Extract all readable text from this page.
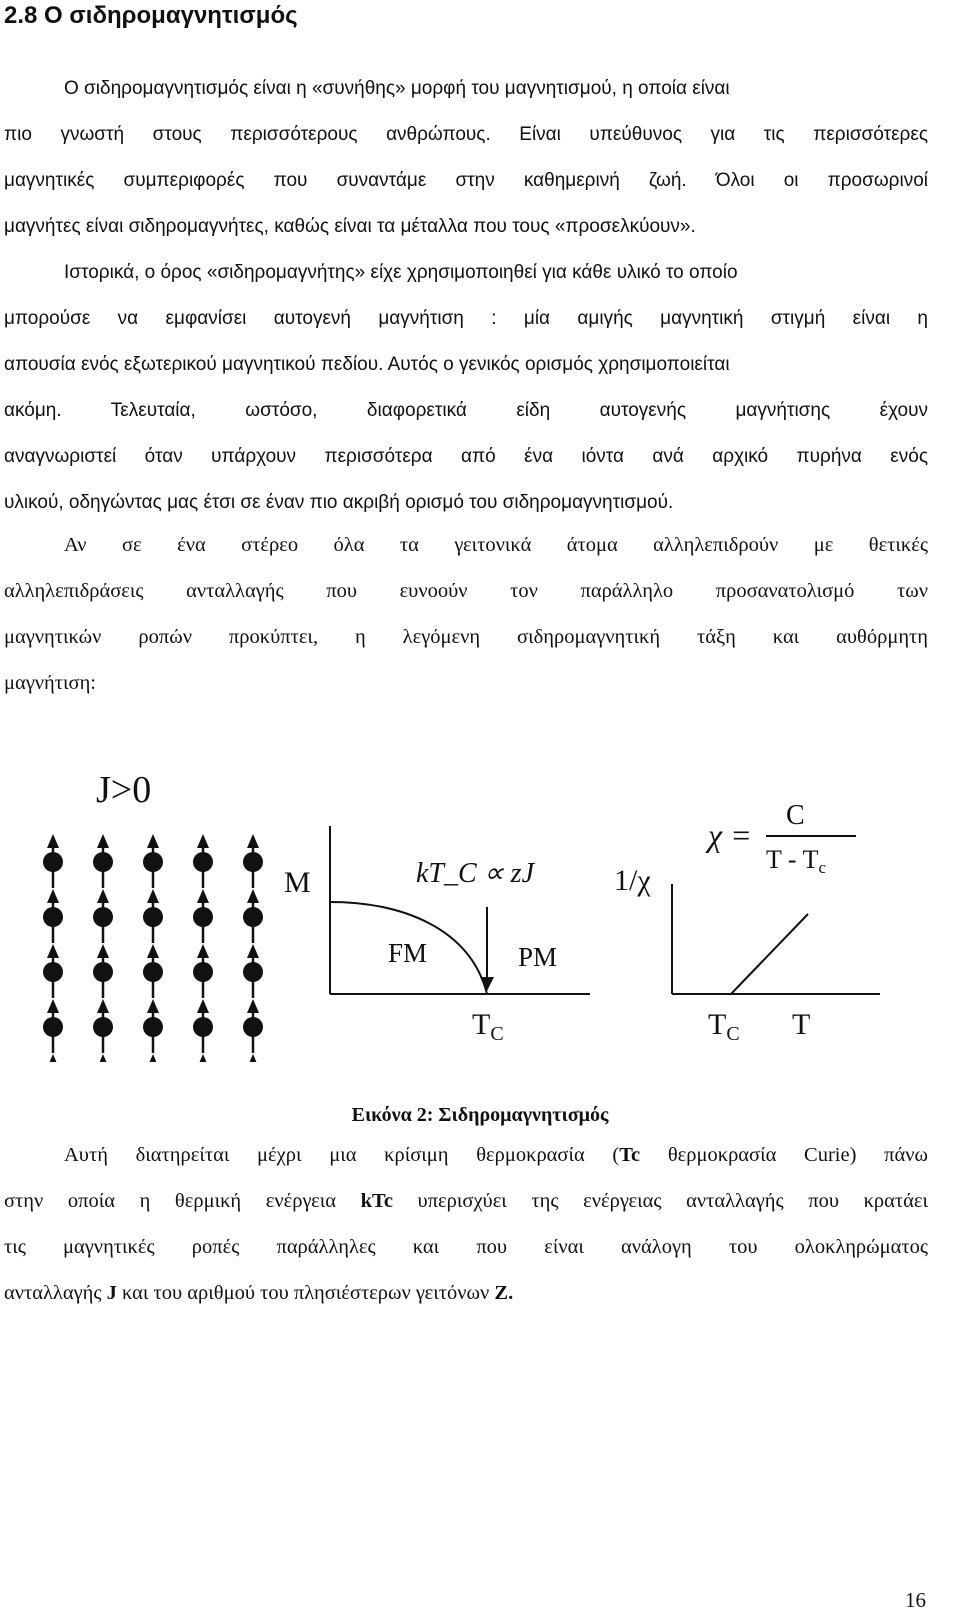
2.8 Ο σιδηρομαγνητισμός
Ο σιδηρομαγνητισμός είναι η «συνήθης» μορφή του μαγνητισμού, η οποία είναι
πιο γνωστή στους περισσότερους ανθρώπους. Είναι υπεύθυνος για τις περισσότερες
μαγνητικές συμπεριφορές που συναντάμε στην καθημερινή ζωή. Όλοι οι προσωρινοί
μαγνήτες είναι σιδηρομαγνήτες, καθώς είναι τα μέταλλα που τους «προσελκύουν».
Ιστορικά, ο όρος «σιδηρομαγνήτης» είχε χρησιμοποιηθεί για κάθε υλικό το οποίο
μπορούσε να εμφανίσει αυτογενή μαγνήτιση : μία αμιγής μαγνητική στιγμή είναι η
απουσία ενός εξωτερικού μαγνητικού πεδίου. Αυτός ο γενικός ορισμός χρησιμοποιείται
ακόμη. Τελευταία, ωστόσο, διαφορετικά είδη αυτογενής μαγνήτισης έχουν
αναγνωριστεί όταν υπάρχουν περισσότερα από ένα ιόντα ανά αρχικό πυρήνα ενός
υλικού, οδηγώντας μας έτσι σε έναν πιο ακριβή ορισμό του σιδηρομαγνητισμού.
Αν σε ένα στέρεο όλα τα γειτονικά άτομα αλληλεπιδρούν με θετικές
αλληλεπιδράσεις ανταλλαγής που ευνοούν τον παράλληλο προσανατολισμό των
μαγνητικών ροπών προκύπτει, η λεγόμενη σιδηρομαγνητική τάξη και αυθόρμητη
μαγνήτιση:
J>0
M	kT_C ∝ zJ
FM	PM
$T_C$
1/χ
χ =
C
T - Tc
$T_C$ T
Εικόνα 2: Σιδηρομαγνητισμός
Αυτή διατηρείται μέχρι μια κρίσιμη θερμοκρασία (Tc θερμοκρασία Curie) πάνω
στην οποία η θερμική ενέργεια kTc υπερισχύει της ενέργειας ανταλλαγής που κρατάει
τις μαγνητικές ροπές παράλληλες και που είναι ανάλογη του ολοκληρώματος
ανταλλαγής J και του αριθμού του πλησιέστερων γειτόνων Z.
16
